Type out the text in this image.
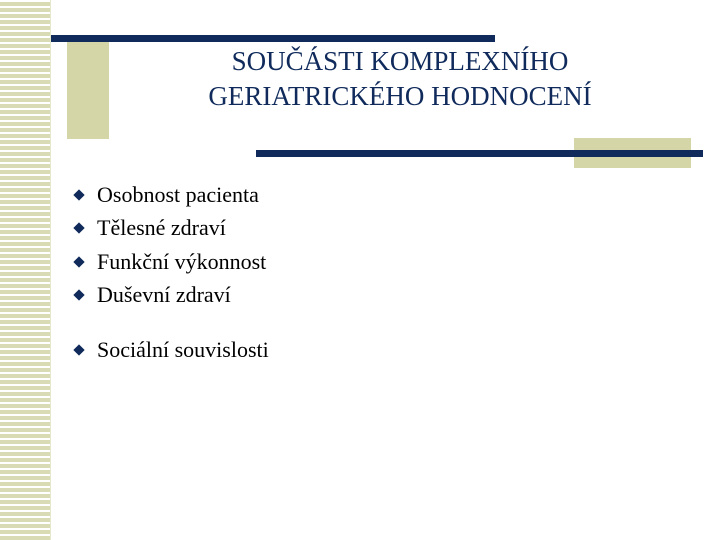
SOUČÁSTI KOMPLEXNÍHO
GERIATRICKÉHO HODNOCENÍ
Osobnost pacienta
Tělesné zdraví
Funkční výkonnost
Duševní zdraví
Sociální souvislosti
